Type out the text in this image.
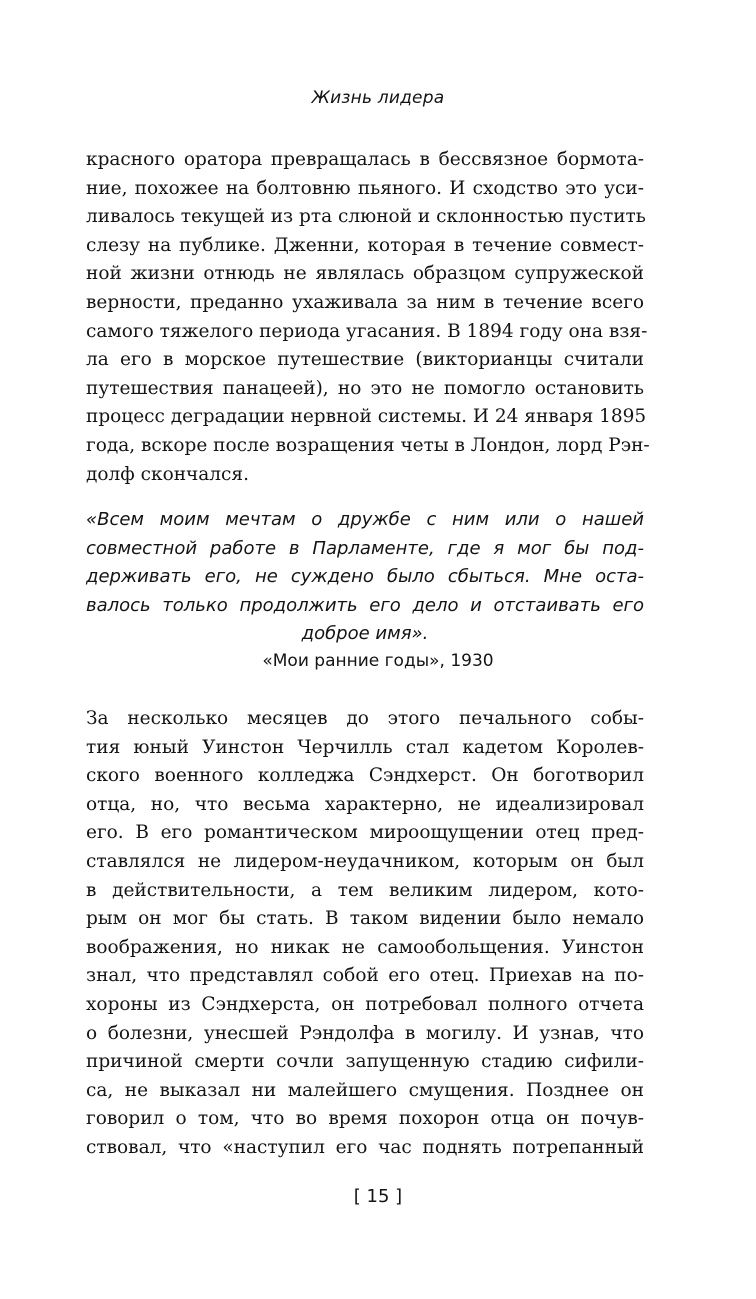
Жизнь лидера
красного оратора превращалась в бессвязное бормота-
ние, похожее на болтовню пьяного. И сходство это уси-
ливалось текущей из рта слюной и склонностью пустить
слезу на публике. Дженни, которая в течение совмест-
ной жизни отнюдь не являлась образцом супружеской
верности, преданно ухаживала за ним в течение всего
самого тяжелого периода угасания. В 1894 году она взя-
ла его в морское путешествие (викторианцы считали
путешествия панацеей), но это не помогло остановить
процесс деградации нервной системы. И 24 января 1895
года, вскоре после возращения четы в Лондон, лорд Рэн-
долф скончался.
«Всем моим мечтам о дружбе с ним или о нашей
совместной работе в Парламенте, где я мог бы под-
держивать его, не суждено было сбыться. Мне оста-
валось только продолжить его дело и отстаивать его
доброе имя».
«Мои ранние годы», 1930
За несколько месяцев до этого печального собы-
тия юный Уинстон Черчилль стал кадетом Королев-
ского военного колледжа Сэндхерст. Он боготворил
отца, но, что весьма характерно, не идеализировал
его. В его романтическом мироощущении отец пред-
ставлялся не лидером-неудачником, которым он был
в действительности, а тем великим лидером, кото-
рым он мог бы стать. В таком видении было немало
воображения, но никак не самообольщения. Уинстон
знал, что представлял собой его отец. Приехав на по-
хороны из Сэндхерста, он потребовал полного отчета
о болезни, унесшей Рэндолфа в могилу. И узнав, что
причиной смерти сочли запущенную стадию сифили-
са, не выказал ни малейшего смущения. Позднее он
говорил о том, что во время похорон отца он почув-
ствовал, что «наступил его час поднять потрепанный
[ 15 ]
